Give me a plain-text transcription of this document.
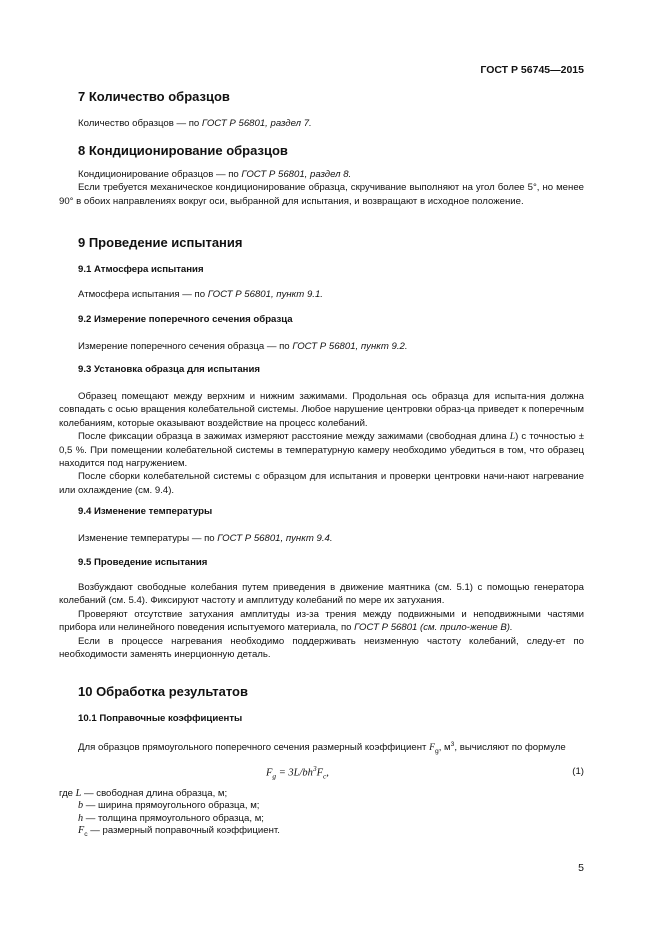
ГОСТ Р 56745—2015
7 Количество образцов

Количество образцов — по ГОСТ Р 56801, раздел 7.

8 Кондиционирование образцов

Кондиционирование образцов — по ГОСТ Р 56801, раздел 8.

Если требуется механическое кондиционирование образца, скручивание выполняют на угол более 5°, но менее 90° в обоих направлениях вокруг оси, выбранной для испытания, и возвращают в исходное положение.

9 Проведение испытания
9.1 Атмосфера испытания

Атмосфера испытания — по ГОСТ Р 56801, пункт 9.1.

9.2 Измерение поперечного сечения образца

Измерение поперечного сечения образца — по ГОСТ Р 56801, пункт 9.2.

9.3 Установка образца для испытания

Образец помещают между верхним и нижним зажимами. Продольная ось образца для испыта-ния должна совпадать с осью вращения колебательной системы. Любое нарушение центровки образ-ца приведет к поперечным колебаниям, которые оказывают воздействие на процесс колебаний.

После фиксации образца в зажимах измеряют расстояние между зажимами (свободная длина L) с точностью ± 0,5 %. При помещении колебательной системы в температурную камеру необходимо убедиться в том, что образец находится под нагружением.

После сборки колебательной системы с образцом для испытания и проверки центровки начи-нают нагревание или охлаждение (см. 9.4).

9.4 Изменение температуры

Изменение температуры — по ГОСТ Р 56801, пункт 9.4.

9.5 Проведение испытания

Возбуждают свободные колебания путем приведения в движение маятника (см. 5.1) с помощью генератора колебаний (см. 5.4). Фиксируют частоту и амплитуду колебаний по мере их затухания.

Проверяют отсутствие затухания амплитуды из-за трения между подвижными и неподвижными частями прибора или нелинейного поведения испытуемого материала, по ГОСТ Р 56801 (см. прило-жение В).

Если в процессе нагревания необходимо поддерживать неизменную частоту колебаний, следу-ет по необходимости заменять инерционную деталь.

10 Обработка результатов
10.1 Поправочные коэффициенты

Для образцов прямоугольного поперечного сечения размерный коэффициент $F_g$, $м^3$, вычисляют по формуле

$F_g = 3L/bh^3F_c$,	(1)
где L — свободная длина образца, м;
b — ширина прямоугольного образца, м;
h — толщина прямоугольного образца, м;
$F_c$ — размерный поправочный коэффициент.
5
